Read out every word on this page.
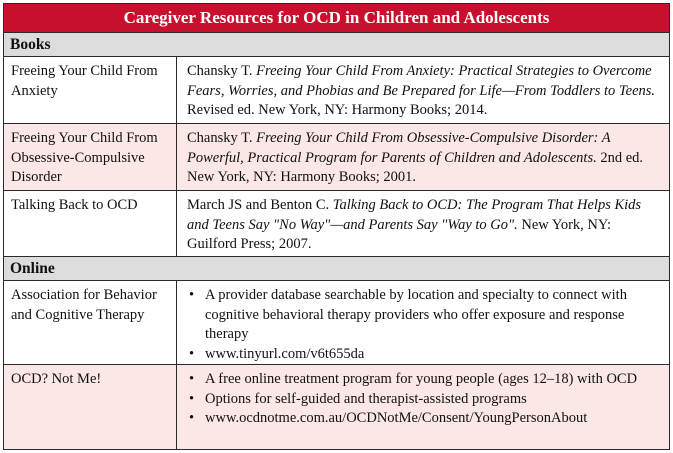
Caregiver Resources for OCD in Children and Adolescents
Books
Freeing Your Child From Anxiety
Chansky T. Freeing Your Child From Anxiety: Practical Strategies to Overcome Fears, Worries, and Phobias and Be Prepared for Life—From Toddlers to Teens. Revised ed. New York, NY: Harmony Books; 2014.
Freeing Your Child From Obsessive-Compulsive Disorder
Chansky T. Freeing Your Child From Obsessive-Compulsive Disorder: A Powerful, Practical Program for Parents of Children and Adolescents. 2nd ed. New York, NY: Harmony Books; 2001.
Talking Back to OCD	March JS and Benton C. Talking Back to OCD: The Program That Helps Kids and Teens Say "No Way"—and Parents Say "Way to Go". New York, NY: Guilford Press; 2007.
Online
Association for Behavior and Cognitive Therapy
• A provider database searchable by location and specialty to connect with cognitive behavioral therapy providers who offer exposure and response therapy
• www.tinyurl.com/v6t655da
OCD? Not Me!
•	A free online treatment program for young people (ages 12–18) with OCD
• Options for self-guided and therapist-assisted programs
• www.ocdnotme.com.au/OCDNotMe/Consent/YoungPersonAbout
